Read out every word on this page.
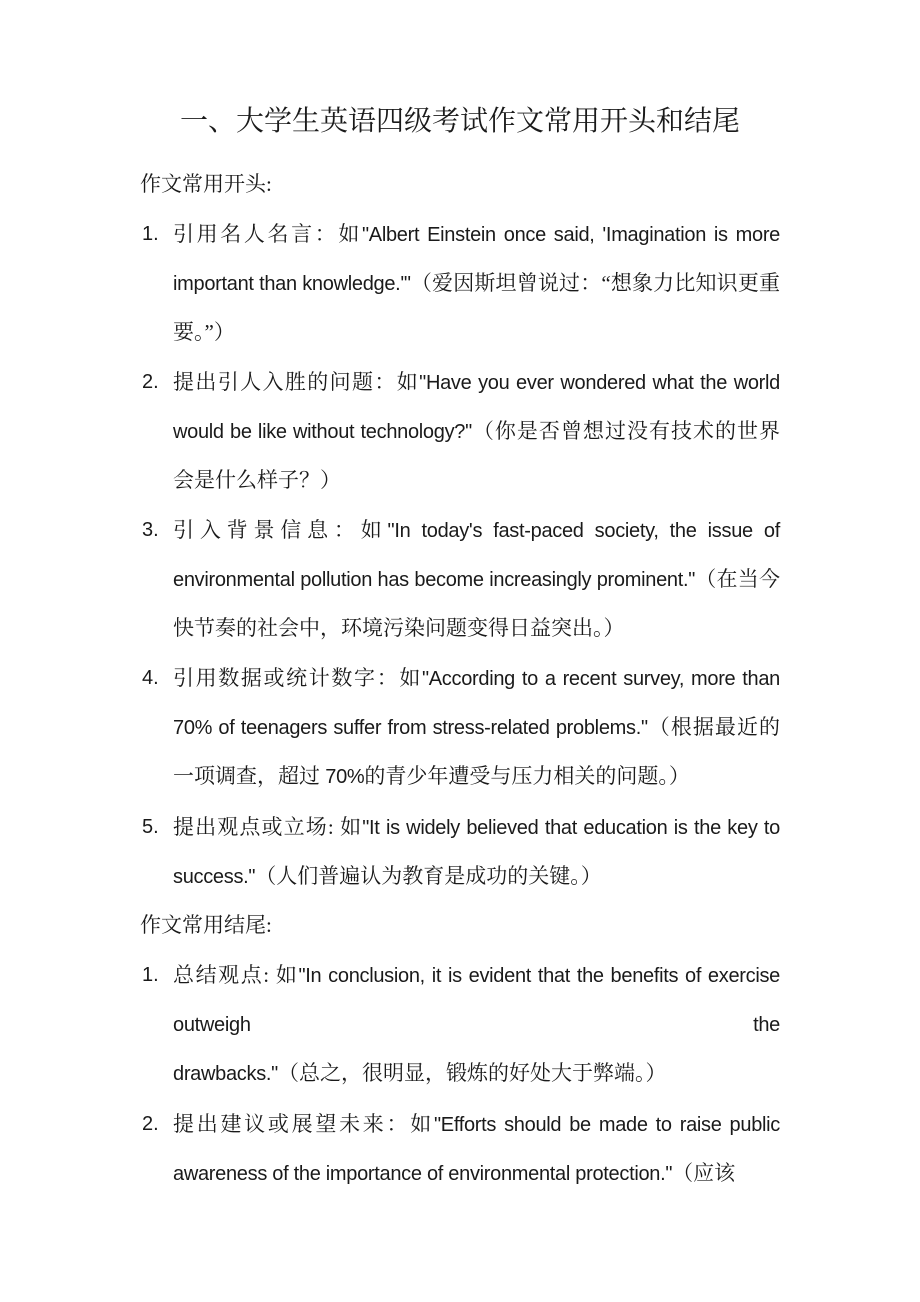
一、大学生英语四级考试作文常用开头和结尾

作文常用开头:

1. 引用名人名言：如"Albert Einstein once said, 'Imagination is more important than knowledge.'"（爱因斯坦曾说过：“想象力比知识更重要。”）
2. 提出引人入胜的问题：如"Have you ever wondered what the world would be like without technology?"（你是否曾想过没有技术的世界会是什么样子？）
3. 引入背景信息：如"In today's fast-paced society, the issue of environmental pollution has become increasingly prominent."（在当今快节奏的社会中，环境污染问题变得日益突出。）
4. 引用数据或统计数字：如"According to a recent survey, more than 70% of teenagers suffer from stress-related problems."（根据最近的一项调查，超过 70%的青少年遭受与压力相关的问题。）
5. 提出观点或立场: 如"It is widely believed that education is the key to success."（人们普遍认为教育是成功的关键。）

作文常用结尾:

1. 总结观点: 如"In conclusion, it is evident that the benefits of exercise outweigh the drawbacks."（总之，很明显，锻炼的好处大于弊端。）
2. 提出建议或展望未来：如"Efforts should be made to raise public awareness of the importance of environmental protection."（应该
